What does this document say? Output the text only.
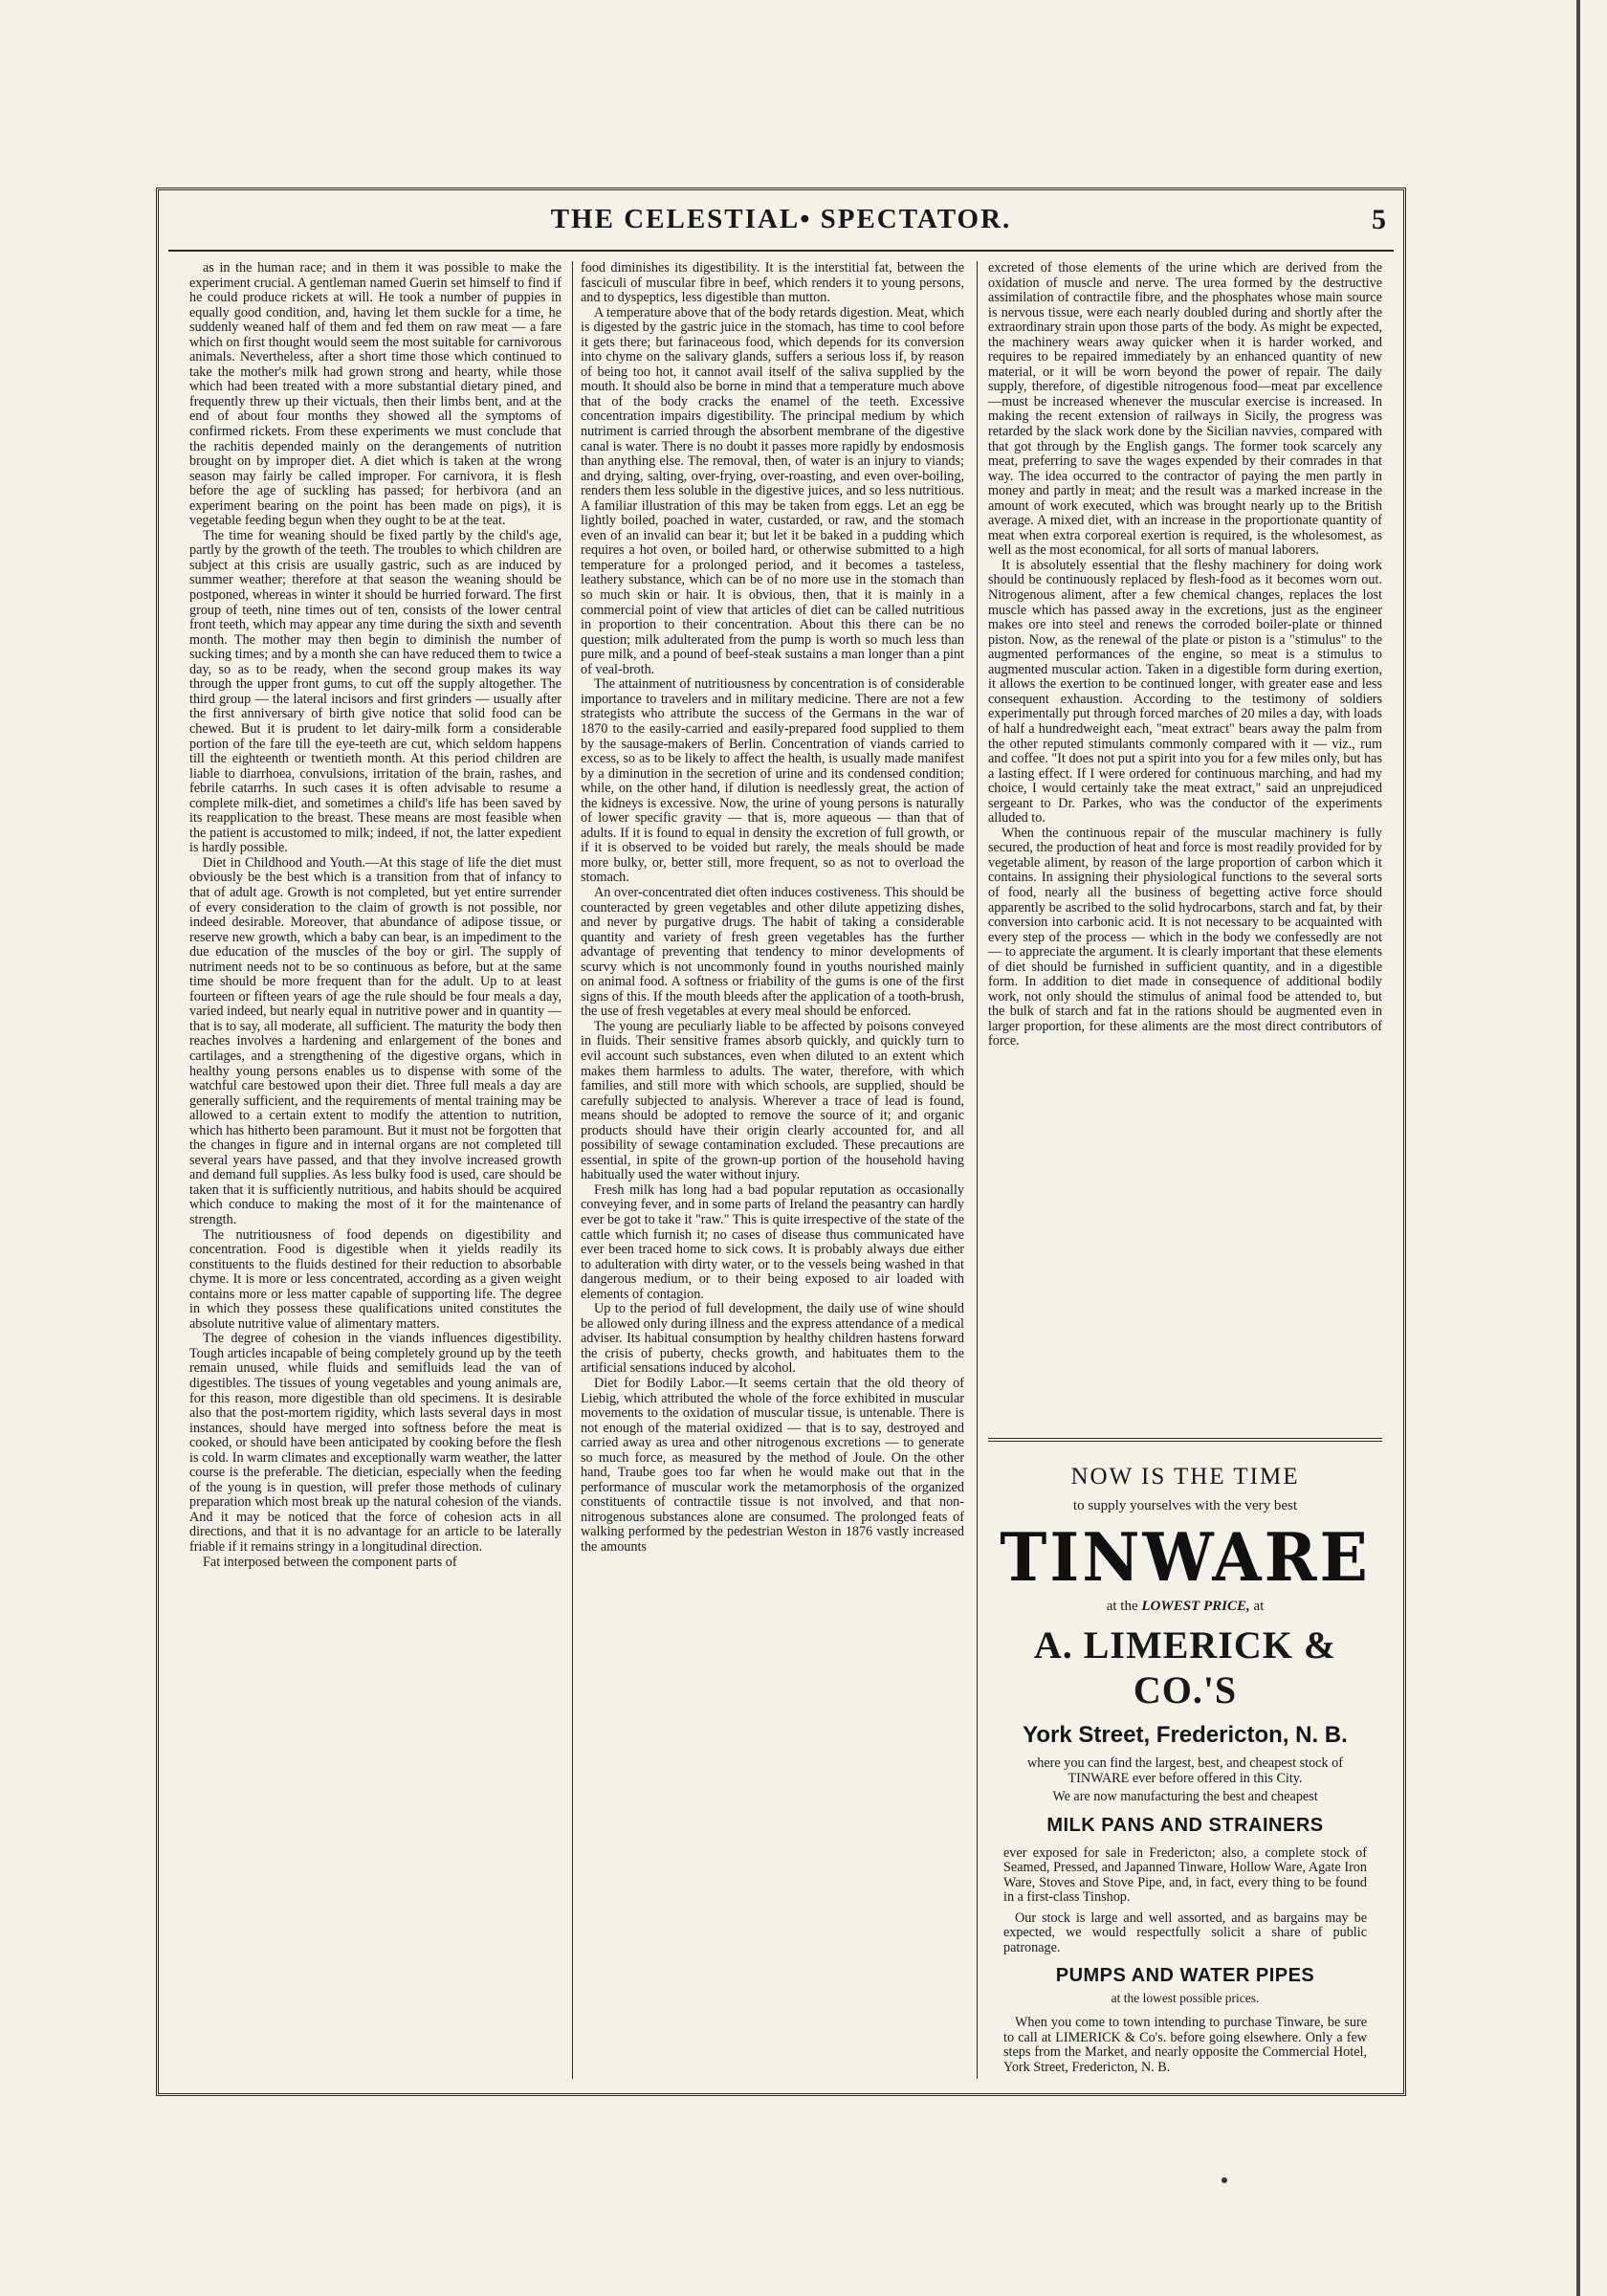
THE CELESTIAL• SPECTATOR.	5

as in the human race; and in them it was possible to make the experiment crucial. A gentleman named Guerin set himself to find if he could produce rickets at will. He took a number of puppies in equally good condition, and, having let them suckle for a time, he suddenly weaned half of them and fed them on raw meat — a fare which on first thought would seem the most suitable for carnivorous animals. Nevertheless, after a short time those which continued to take the mother's milk had grown strong and hearty, while those which had been treated with a more substantial dietary pined, and frequently threw up their victuals, then their limbs bent, and at the end of about four months they showed all the symptoms of confirmed rickets. From these experiments we must conclude that the rachitis depended mainly on the derangements of nutrition brought on by improper diet. A diet which is taken at the wrong season may fairly be called improper. For carnivora, it is flesh before the age of suckling has passed; for herbivora (and an experiment bearing on the point has been made on pigs), it is vegetable feeding begun when they ought to be at the teat.

The time for weaning should be fixed partly by the child's age, partly by the growth of the teeth. The troubles to which children are subject at this crisis are usually gastric, such as are induced by summer weather; therefore at that season the weaning should be postponed, whereas in winter it should be hurried forward. The first group of teeth, nine times out of ten, consists of the lower central front teeth, which may appear any time during the sixth and seventh month. The mother may then begin to diminish the number of sucking times; and by a month she can have reduced them to twice a day, so as to be ready, when the second group makes its way through the upper front gums, to cut off the supply altogether. The third group — the lateral incisors and first grinders — usually after the first anniversary of birth give notice that solid food can be chewed. But it is prudent to let dairy-milk form a considerable portion of the fare till the eye-teeth are cut, which seldom happens till the eighteenth or twentieth month. At this period children are liable to diarrhoea, convulsions, irritation of the brain, rashes, and febrile catarrhs. In such cases it is often advisable to resume a complete milk-diet, and sometimes a child's life has been saved by its reapplication to the breast. These means are most feasible when the patient is accustomed to milk; indeed, if not, the latter expedient is hardly possible.

Diet in Childhood and Youth.—At this stage of life the diet must obviously be the best which is a transition from that of infancy to that of adult age. Growth is not completed, but yet entire surrender of every consideration to the claim of growth is not possible, nor indeed desirable. Moreover, that abundance of adipose tissue, or reserve new growth, which a baby can bear, is an impediment to the due education of the muscles of the boy or girl. The supply of nutriment needs not to be so continuous as before, but at the same time should be more frequent than for the adult. Up to at least fourteen or fifteen years of age the rule should be four meals a day, varied indeed, but nearly equal in nutritive power and in quantity — that is to say, all moderate, all sufficient. The maturity the body then reaches involves a hardening and enlargement of the bones and cartilages, and a strengthening of the digestive organs, which in healthy young persons enables us to dispense with some of the watchful care bestowed upon their diet. Three full meals a day are generally sufficient, and the requirements of mental training may be allowed to a certain extent to modify the attention to nutrition, which has hitherto been paramount. But it must not be forgotten that the changes in figure and in internal organs are not completed till several years have passed, and that they involve increased growth and demand full supplies. As less bulky food is used, care should be taken that it is sufficiently nutritious, and habits should be acquired which conduce to making the most of it for the maintenance of strength.

The nutritiousness of food depends on digestibility and concentration. Food is digestible when it yields readily its constituents to the fluids destined for their reduction to absorbable chyme. It is more or less concentrated, according as a given weight contains more or less matter capable of supporting life. The degree in which they possess these qualifications united constitutes the absolute nutritive value of alimentary matters.

The degree of cohesion in the viands influences digestibility. Tough articles incapable of being completely ground up by the teeth remain unused, while fluids and semifluids lead the van of digestibles. The tissues of young vegetables and young animals are, for this reason, more digestible than old specimens. It is desirable also that the post-mortem rigidity, which lasts several days in most instances, should have merged into softness before the meat is cooked, or should have been anticipated by cooking before the flesh is cold. In warm climates and exceptionally warm weather, the latter course is the preferable. The dietician, especially when the feeding of the young is in question, will prefer those methods of culinary preparation which most break up the natural cohesion of the viands. And it may be noticed that the force of cohesion acts in all directions, and that it is no advantage for an article to be laterally friable if it remains stringy in a longitudinal direction.

Fat interposed between the component parts of

food diminishes its digestibility. It is the interstitial fat, between the fasciculi of muscular fibre in beef, which renders it to young persons, and to dyspeptics, less digestible than mutton.

A temperature above that of the body retards digestion. Meat, which is digested by the gastric juice in the stomach, has time to cool before it gets there; but farinaceous food, which depends for its conversion into chyme on the salivary glands, suffers a serious loss if, by reason of being too hot, it cannot avail itself of the saliva supplied by the mouth. It should also be borne in mind that a temperature much above that of the body cracks the enamel of the teeth. Excessive concentration impairs digestibility. The principal medium by which nutriment is carried through the absorbent membrane of the digestive canal is water. There is no doubt it passes more rapidly by endosmosis than anything else. The removal, then, of water is an injury to viands; and drying, salting, over-frying, over-roasting, and even over-boiling, renders them less soluble in the digestive juices, and so less nutritious. A familiar illustration of this may be taken from eggs. Let an egg be lightly boiled, poached in water, custarded, or raw, and the stomach even of an invalid can bear it; but let it be baked in a pudding which requires a hot oven, or boiled hard, or otherwise submitted to a high temperature for a prolonged period, and it becomes a tasteless, leathery substance, which can be of no more use in the stomach than so much skin or hair. It is obvious, then, that it is mainly in a commercial point of view that articles of diet can be called nutritious in proportion to their concentration. About this there can be no question; milk adulterated from the pump is worth so much less than pure milk, and a pound of beef-steak sustains a man longer than a pint of veal-broth.

The attainment of nutritiousness by concentration is of considerable importance to travelers and in military medicine. There are not a few strategists who attribute the success of the Germans in the war of 1870 to the easily-carried and easily-prepared food supplied to them by the sausage-makers of Berlin. Concentration of viands carried to excess, so as to be likely to affect the health, is usually made manifest by a diminution in the secretion of urine and its condensed condition; while, on the other hand, if dilution is needlessly great, the action of the kidneys is excessive. Now, the urine of young persons is naturally of lower specific gravity — that is, more aqueous — than that of adults. If it is found to equal in density the excretion of full growth, or if it is observed to be voided but rarely, the meals should be made more bulky, or, better still, more frequent, so as not to overload the stomach.

An over-concentrated diet often induces costiveness. This should be counteracted by green vegetables and other dilute appetizing dishes, and never by purgative drugs. The habit of taking a considerable quantity and variety of fresh green vegetables has the further advantage of preventing that tendency to minor developments of scurvy which is not uncommonly found in youths nourished mainly on animal food. A softness or friability of the gums is one of the first signs of this. If the mouth bleeds after the application of a tooth-brush, the use of fresh vegetables at every meal should be enforced.

The young are peculiarly liable to be affected by poisons conveyed in fluids. Their sensitive frames absorb quickly, and quickly turn to evil account such substances, even when diluted to an extent which makes them harmless to adults. The water, therefore, with which families, and still more with which schools, are supplied, should be carefully subjected to analysis. Wherever a trace of lead is found, means should be adopted to remove the source of it; and organic products should have their origin clearly accounted for, and all possibility of sewage contamination excluded. These precautions are essential, in spite of the grown-up portion of the household having habitually used the water without injury.

Fresh milk has long had a bad popular reputation as occasionally conveying fever, and in some parts of Ireland the peasantry can hardly ever be got to take it "raw." This is quite irrespective of the state of the cattle which furnish it; no cases of disease thus communicated have ever been traced home to sick cows. It is probably always due either to adulteration with dirty water, or to the vessels being washed in that dangerous medium, or to their being exposed to air loaded with elements of contagion.

Up to the period of full development, the daily use of wine should be allowed only during illness and the express attendance of a medical adviser. Its habitual consumption by healthy children hastens forward the crisis of puberty, checks growth, and habituates them to the artificial sensations induced by alcohol.

Diet for Bodily Labor.—It seems certain that the old theory of Liebig, which attributed the whole of the force exhibited in muscular movements to the oxidation of muscular tissue, is untenable. There is not enough of the material oxidized — that is to say, destroyed and carried away as urea and other nitrogenous excretions — to generate so much force, as measured by the method of Joule. On the other hand, Traube goes too far when he would make out that in the performance of muscular work the metamorphosis of the organized constituents of contractile tissue is not involved, and that non-nitrogenous substances alone are consumed. The prolonged feats of walking performed by the pedestrian Weston in 1876 vastly increased the amounts

excreted of those elements of the urine which are derived from the oxidation of muscle and nerve. The urea formed by the destructive assimilation of contractile fibre, and the phosphates whose main source is nervous tissue, were each nearly doubled during and shortly after the extraordinary strain upon those parts of the body. As might be expected, the machinery wears away quicker when it is harder worked, and requires to be repaired immediately by an enhanced quantity of new material, or it will be worn beyond the power of repair. The daily supply, therefore, of digestible nitrogenous food—meat par excellence—must be increased whenever the muscular exercise is increased. In making the recent extension of railways in Sicily, the progress was retarded by the slack work done by the Sicilian navvies, compared with that got through by the English gangs. The former took scarcely any meat, preferring to save the wages expended by their comrades in that way. The idea occurred to the contractor of paying the men partly in money and partly in meat; and the result was a marked increase in the amount of work executed, which was brought nearly up to the British average. A mixed diet, with an increase in the proportionate quantity of meat when extra corporeal exertion is required, is the wholesomest, as well as the most economical, for all sorts of manual laborers.

It is absolutely essential that the fleshy machinery for doing work should be continuously replaced by flesh-food as it becomes worn out. Nitrogenous aliment, after a few chemical changes, replaces the lost muscle which has passed away in the excretions, just as the engineer makes ore into steel and renews the corroded boiler-plate or thinned piston. Now, as the renewal of the plate or piston is a "stimulus" to the augmented performances of the engine, so meat is a stimulus to augmented muscular action. Taken in a digestible form during exertion, it allows the exertion to be continued longer, with greater ease and less consequent exhaustion. According to the testimony of soldiers experimentally put through forced marches of 20 miles a day, with loads of half a hundredweight each, "meat extract" bears away the palm from the other reputed stimulants commonly compared with it — viz., rum and coffee. "It does not put a spirit into you for a few miles only, but has a lasting effect. If I were ordered for continuous marching, and had my choice, I would certainly take the meat extract," said an unprejudiced sergeant to Dr. Parkes, who was the conductor of the experiments alluded to.

When the continuous repair of the muscular machinery is fully secured, the production of heat and force is most readily provided for by vegetable aliment, by reason of the large proportion of carbon which it contains. In assigning their physiological functions to the several sorts of food, nearly all the business of begetting active force should apparently be ascribed to the solid hydrocarbons, starch and fat, by their conversion into carbonic acid. It is not necessary to be acquainted with every step of the process — which in the body we confessedly are not — to appreciate the argument. It is clearly important that these elements of diet should be furnished in sufficient quantity, and in a digestible form. In addition to diet made in consequence of additional bodily work, not only should the stimulus of animal food be attended to, but the bulk of starch and fat in the rations should be augmented even in larger proportion, for these aliments are the most direct contributors of force.

NOW IS THE TIME
to supply yourselves with the very best
TINWARE
at the LOWEST PRICE, at
A. LIMERICK & CO.'S
York Street, Fredericton, N. B.
where you can find the largest, best, and cheapest stock of TINWARE ever before offered in this City.
We are now manufacturing the best and cheapest
MILK PANS AND STRAINERS

ever exposed for sale in Fredericton; also, a complete stock of Seamed, Pressed, and Japanned Tinware, Hollow Ware, Agate Iron Ware, Stoves and Stove Pipe, and, in fact, every thing to be found in a first-class Tinshop.

Our stock is large and well assorted, and as bargains may be expected, we would respectfully solicit a share of public patronage.

PUMPS AND WATER PIPES
at the lowest possible prices.

When you come to town intending to purchase Tinware, be sure to call at LIMERICK & Co's. before going elsewhere. Only a few steps from the Market, and nearly opposite the Commercial Hotel, York Street, Fredericton, N. B.
